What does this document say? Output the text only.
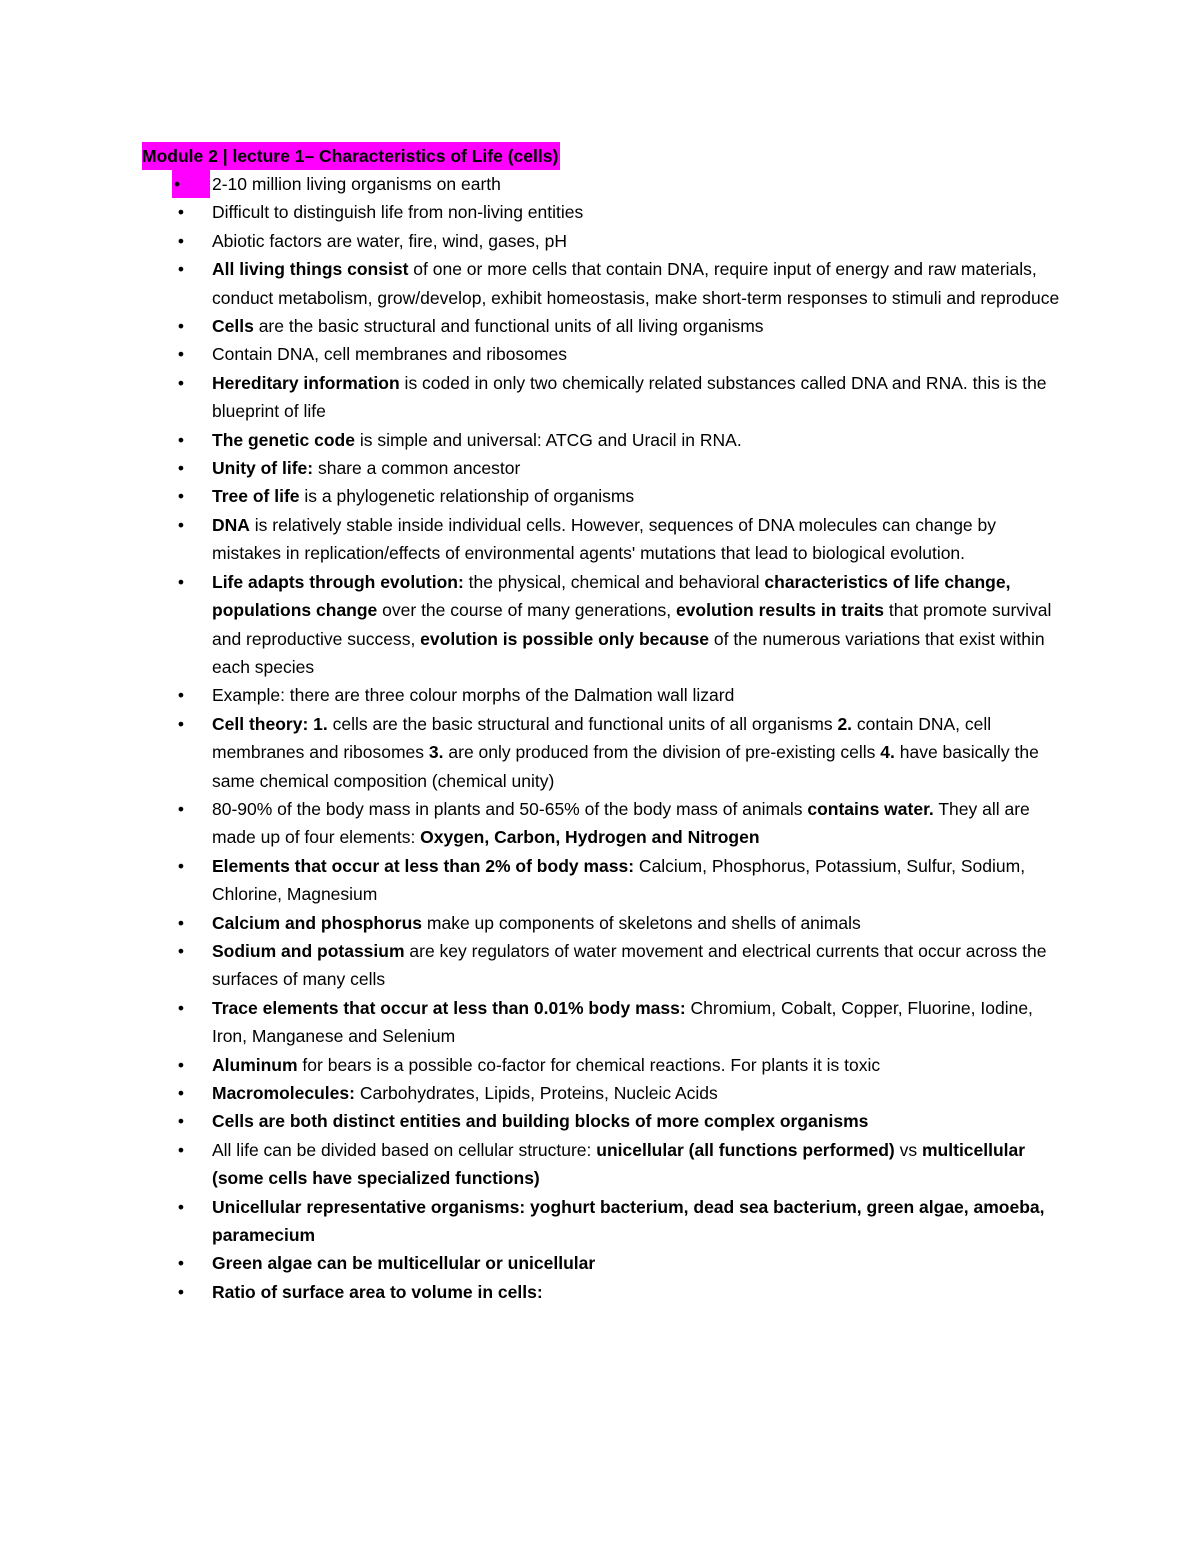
Module 2 | lecture 1– Characteristics of Life (cells)
•	2-10 million living organisms on earth
• Difficult to distinguish life from non-living entities
• Abiotic factors are water, fire, wind, gases, pH
• All living things consist of one or more cells that contain DNA, require input of energy and raw materials, conduct metabolism, grow/develop, exhibit homeostasis, make short-term responses to stimuli and reproduce
• Cells are the basic structural and functional units of all living organisms
• Contain DNA, cell membranes and ribosomes
• Hereditary information is coded in only two chemically related substances called DNA and RNA. this is the blueprint of life
• The genetic code is simple and universal: ATCG and Uracil in RNA.
• Unity of life: share a common ancestor
• Tree of life is a phylogenetic relationship of organisms
• DNA is relatively stable inside individual cells. However, sequences of DNA molecules can change by mistakes in replication/effects of environmental agents' mutations that lead to biological evolution.
• Life adapts through evolution: the physical, chemical and behavioral characteristics of life change, populations change over the course of many generations, evolution results in traits that promote survival and reproductive success, evolution is possible only because of the numerous variations that exist within each species
• Example: there are three colour morphs of the Dalmation wall lizard
• Cell theory: 1. cells are the basic structural and functional units of all organisms 2. contain DNA, cell membranes and ribosomes 3. are only produced from the division of pre-existing cells 4. have basically the same chemical composition (chemical unity)
• 80-90% of the body mass in plants and 50-65% of the body mass of animals contains water. They all are made up of four elements: Oxygen, Carbon, Hydrogen and Nitrogen
• Elements that occur at less than 2% of body mass: Calcium, Phosphorus, Potassium, Sulfur, Sodium, Chlorine, Magnesium
• Calcium and phosphorus make up components of skeletons and shells of animals
• Sodium and potassium are key regulators of water movement and electrical currents that occur across the surfaces of many cells
• Trace elements that occur at less than 0.01% body mass: Chromium, Cobalt, Copper, Fluorine, Iodine, Iron, Manganese and Selenium
• Aluminum for bears is a possible co-factor for chemical reactions. For plants it is toxic
• Macromolecules: Carbohydrates, Lipids, Proteins, Nucleic Acids
• Cells are both distinct entities and building blocks of more complex organisms
• All life can be divided based on cellular structure: unicellular (all functions performed) vs multicellular (some cells have specialized functions)
• Unicellular representative organisms: yoghurt bacterium, dead sea bacterium, green algae, amoeba, paramecium
• Green algae can be multicellular or unicellular
• Ratio of surface area to volume in cells:
